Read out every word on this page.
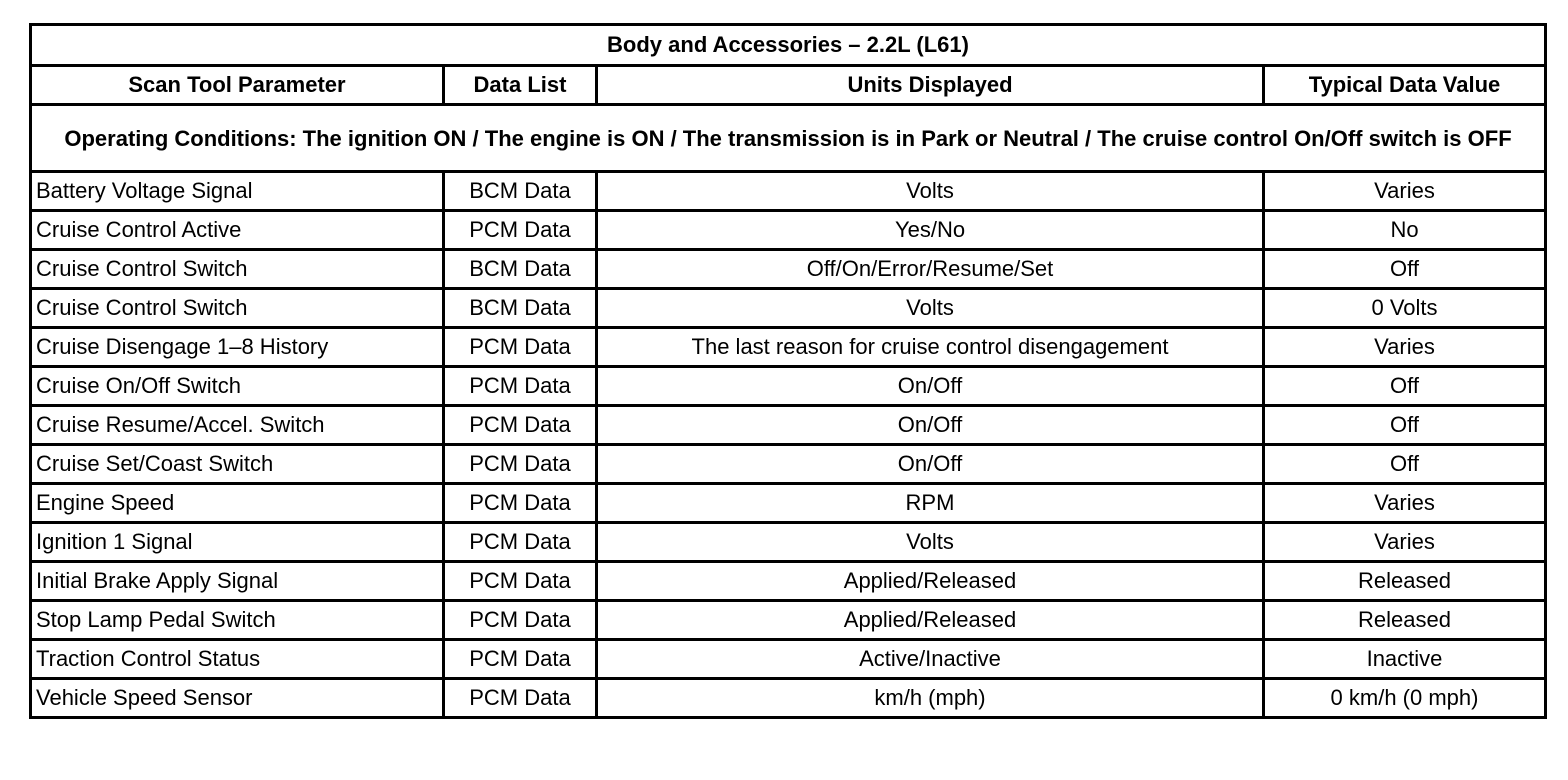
Body and Accessories – 2.2L (L61)			
Scan Tool Parameter	Data List	Units Displayed	Typical Data Value
Operating Conditions: The ignition ON / The engine is ON / The transmission is in Park or Neutral / The cruise control On/Off switch is OFF			
Battery Voltage Signal	BCM Data	Volts	Varies
Cruise Control Active	PCM Data	Yes/No	No
Cruise Control Switch	BCM Data	Off/On/Error/Resume/Set	Off
Cruise Control Switch	BCM Data	Volts	0 Volts
Cruise Disengage 1–8 History	PCM Data	The last reason for cruise control disengagement	Varies
Cruise On/Off Switch	PCM Data	On/Off	Off
Cruise Resume/Accel. Switch	PCM Data	On/Off	Off
Cruise Set/Coast Switch	PCM Data	On/Off	Off
Engine Speed	PCM Data	RPM	Varies
Ignition 1 Signal	PCM Data	Volts	Varies
Initial Brake Apply Signal	PCM Data	Applied/Released	Released
Stop Lamp Pedal Switch	PCM Data	Applied/Released	Released
Traction Control Status	PCM Data	Active/Inactive	Inactive
Vehicle Speed Sensor	PCM Data	km/h (mph)	0 km/h (0 mph)
